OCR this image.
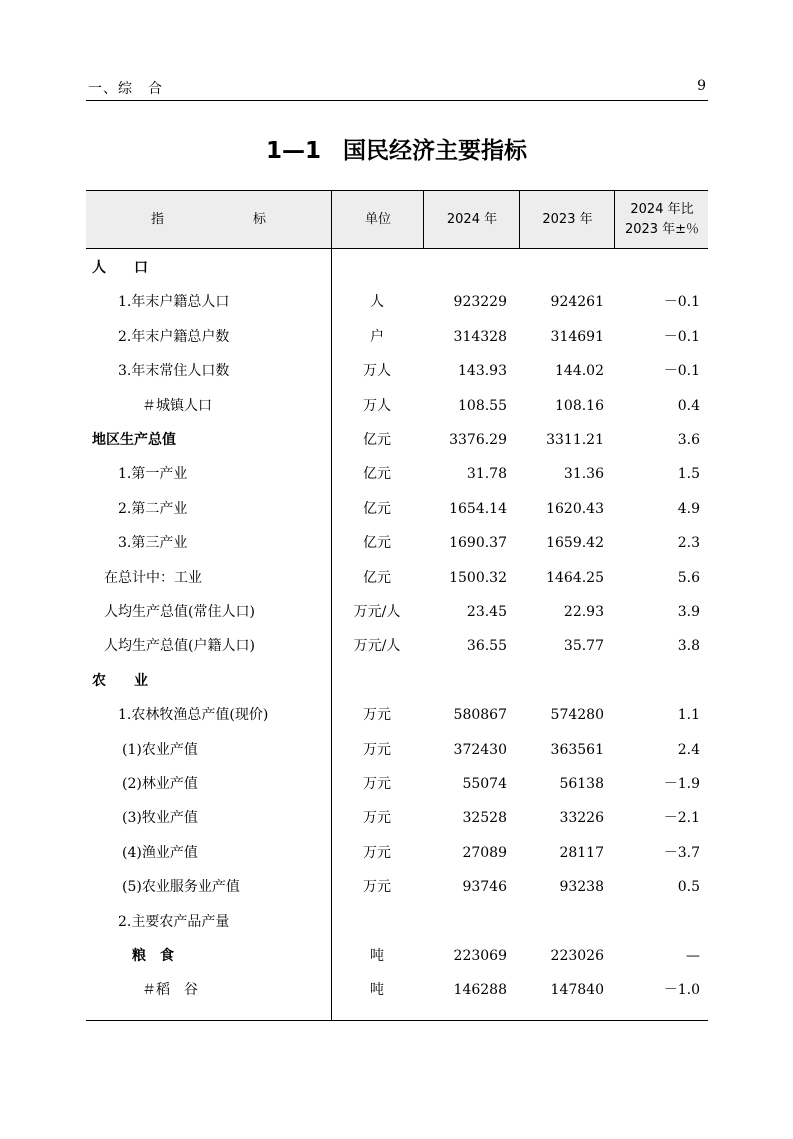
一、综　合	9
1—1 国民经济主要指标
指　标	单位	2024 年	2023 年
2024 年比
2023 年±％
人　　口
1.年末户籍总人口	人	923229	924261	－0.1
2.年末户籍总户数	户	314328	314691	－0.1
3.年末常住人口数	万人	143.93	144.02	－0.1
＃城镇人口	万人	108.55	108.16	0.4
地区生产总值	亿元	3376.29	3311.21	3.6
1.第一产业	亿元	31.78	31.36	1.5
2.第二产业	亿元	1654.14	1620.43	4.9
3.第三产业	亿元	1690.37	1659.42	2.3
在总计中：工业	亿元	1500.32	1464.25	5.6
人均生产总值(常住人口)	万元/人	23.45	22.93	3.9
人均生产总值(户籍人口)	万元/人	36.55	35.77	3.8
农　　业
1.农林牧渔总产值(现价)	万元	580867	574280	1.1
(1)农业产值	万元	372430	363561	2.4
(2)林业产值	万元	55074	56138	－1.9
(3)牧业产值	万元	32528	33226	－2.1
(4)渔业产值	万元	27089	28117	－3.7
(5)农业服务业产值	万元	93746	93238	0.5
2.主要农产品产量
粮　食	吨	223069	223026	—
＃稻　谷	吨	146288	147840	－1.0
